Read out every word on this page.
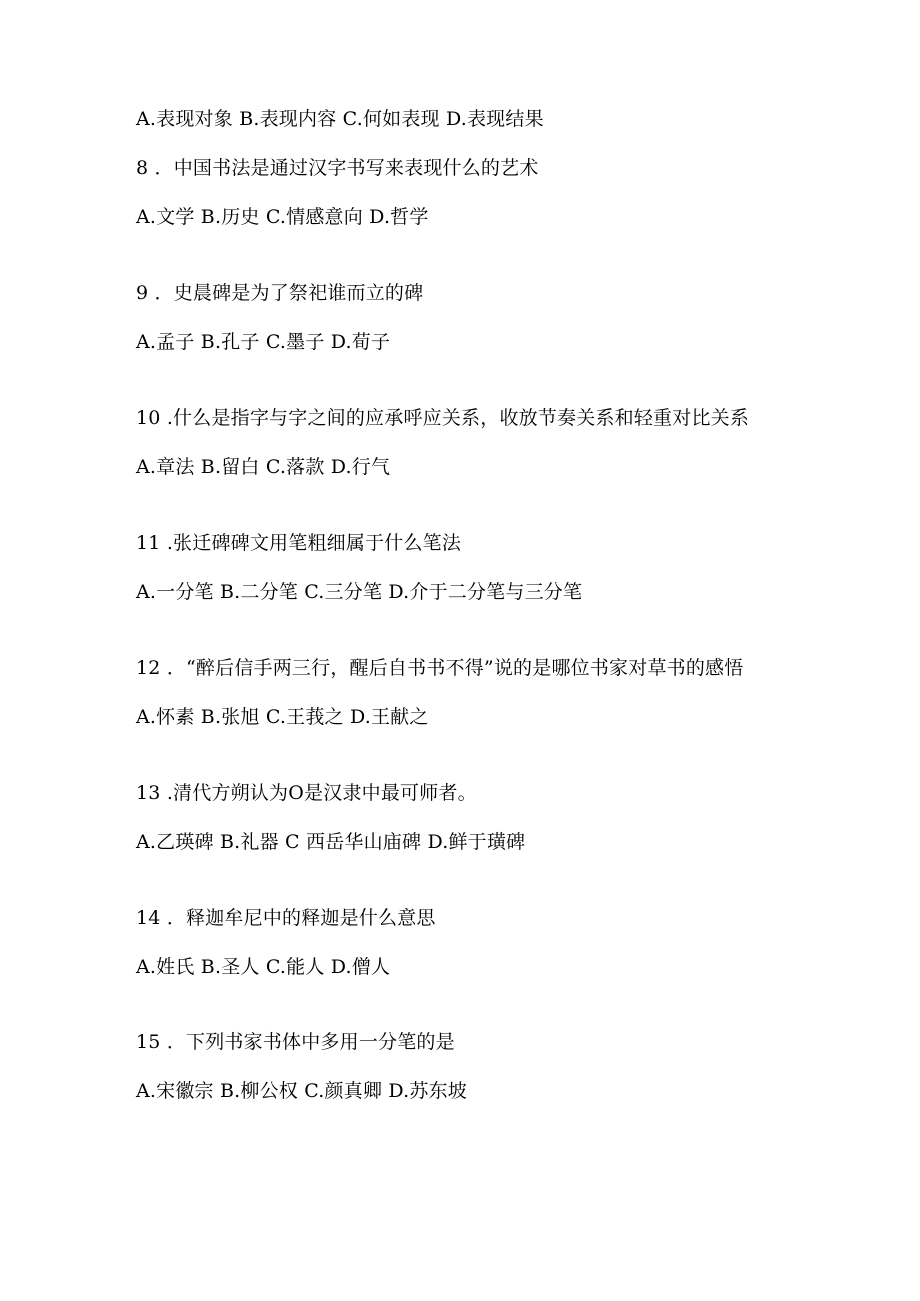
A.表现对象 B.表现内容 C.何如表现 D.表现结果
8 ．中国书法是通过汉字书写来表现什么的艺术
A.文学 B.历史 C.情感意向 D.哲学
9 ．史晨碑是为了祭祀谁而立的碑
A.孟子 B.孔子 C.墨子 D.荀子
10 .什么是指字与字之间的应承呼应关系，收放节奏关系和轻重对比关系
A.章法 B.留白 C.落款 D.行气
11 .张迁碑碑文用笔粗细属于什么笔法
A.一分笔 B.二分笔 C.三分笔 D.介于二分笔与三分笔
12 ．“醉后信手两三行，醒后自书书不得”说的是哪位书家对草书的感悟
A.怀素 B.张旭 C.王莪之 D.王献之
13 .清代方朔认为O是汉隶中最可师者。
A.乙瑛碑 B.礼器 C 西岳华山庙碑 D.鲜于璜碑
14 ．释迦牟尼中的释迦是什么意思
A.姓氏 B.圣人 C.能人 D.僧人
15 ．下列书家书体中多用一分笔的是
A.宋徽宗 B.柳公权 C.颜真卿 D.苏东坡
